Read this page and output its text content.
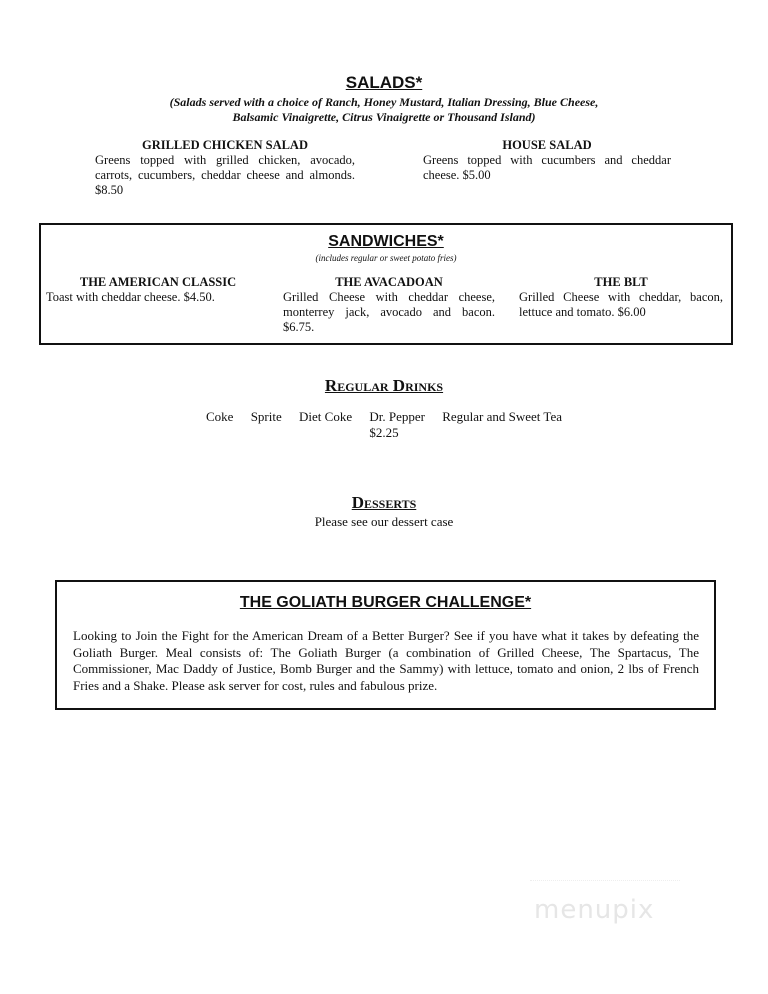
SALADS*
(Salads served with a choice of Ranch, Honey Mustard, Italian Dressing, Blue Cheese,
Balsamic Vinaigrette, Citrus Vinaigrette or Thousand Island)
GRILLED CHICKEN SALAD
Greens topped with grilled chicken, avocado, carrots, cucumbers, cheddar cheese and almonds. $8.50
HOUSE SALAD
Greens topped with cucumbers and cheddar cheese. $5.00
SANDWICHES*
(includes regular or sweet potato fries)
THE AMERICAN CLASSIC
Toast with cheddar cheese. $4.50.
THE AVACADOAN
Grilled Cheese with cheddar cheese, monterrey jack, avocado and bacon. $6.75.
THE BLT
Grilled Cheese with cheddar, bacon, lettuce and tomato. $6.00
Regular Drinks
Coke Sprite Diet Coke Dr. Pepper Regular and Sweet Tea
$2.25
Desserts
Please see our dessert case
THE GOLIATH BURGER CHALLENGE*
Looking to Join the Fight for the American Dream of a Better Burger? See if you have what it takes by defeating the Goliath Burger. Meal consists of: The Goliath Burger (a combination of Grilled Cheese, The Spartacus, The Commissioner, Mac Daddy of Justice, Bomb Burger and the Sammy) with lettuce, tomato and onion, 2 lbs of French Fries and a Shake. Please ask server for cost, rules and fabulous prize.
menupix
